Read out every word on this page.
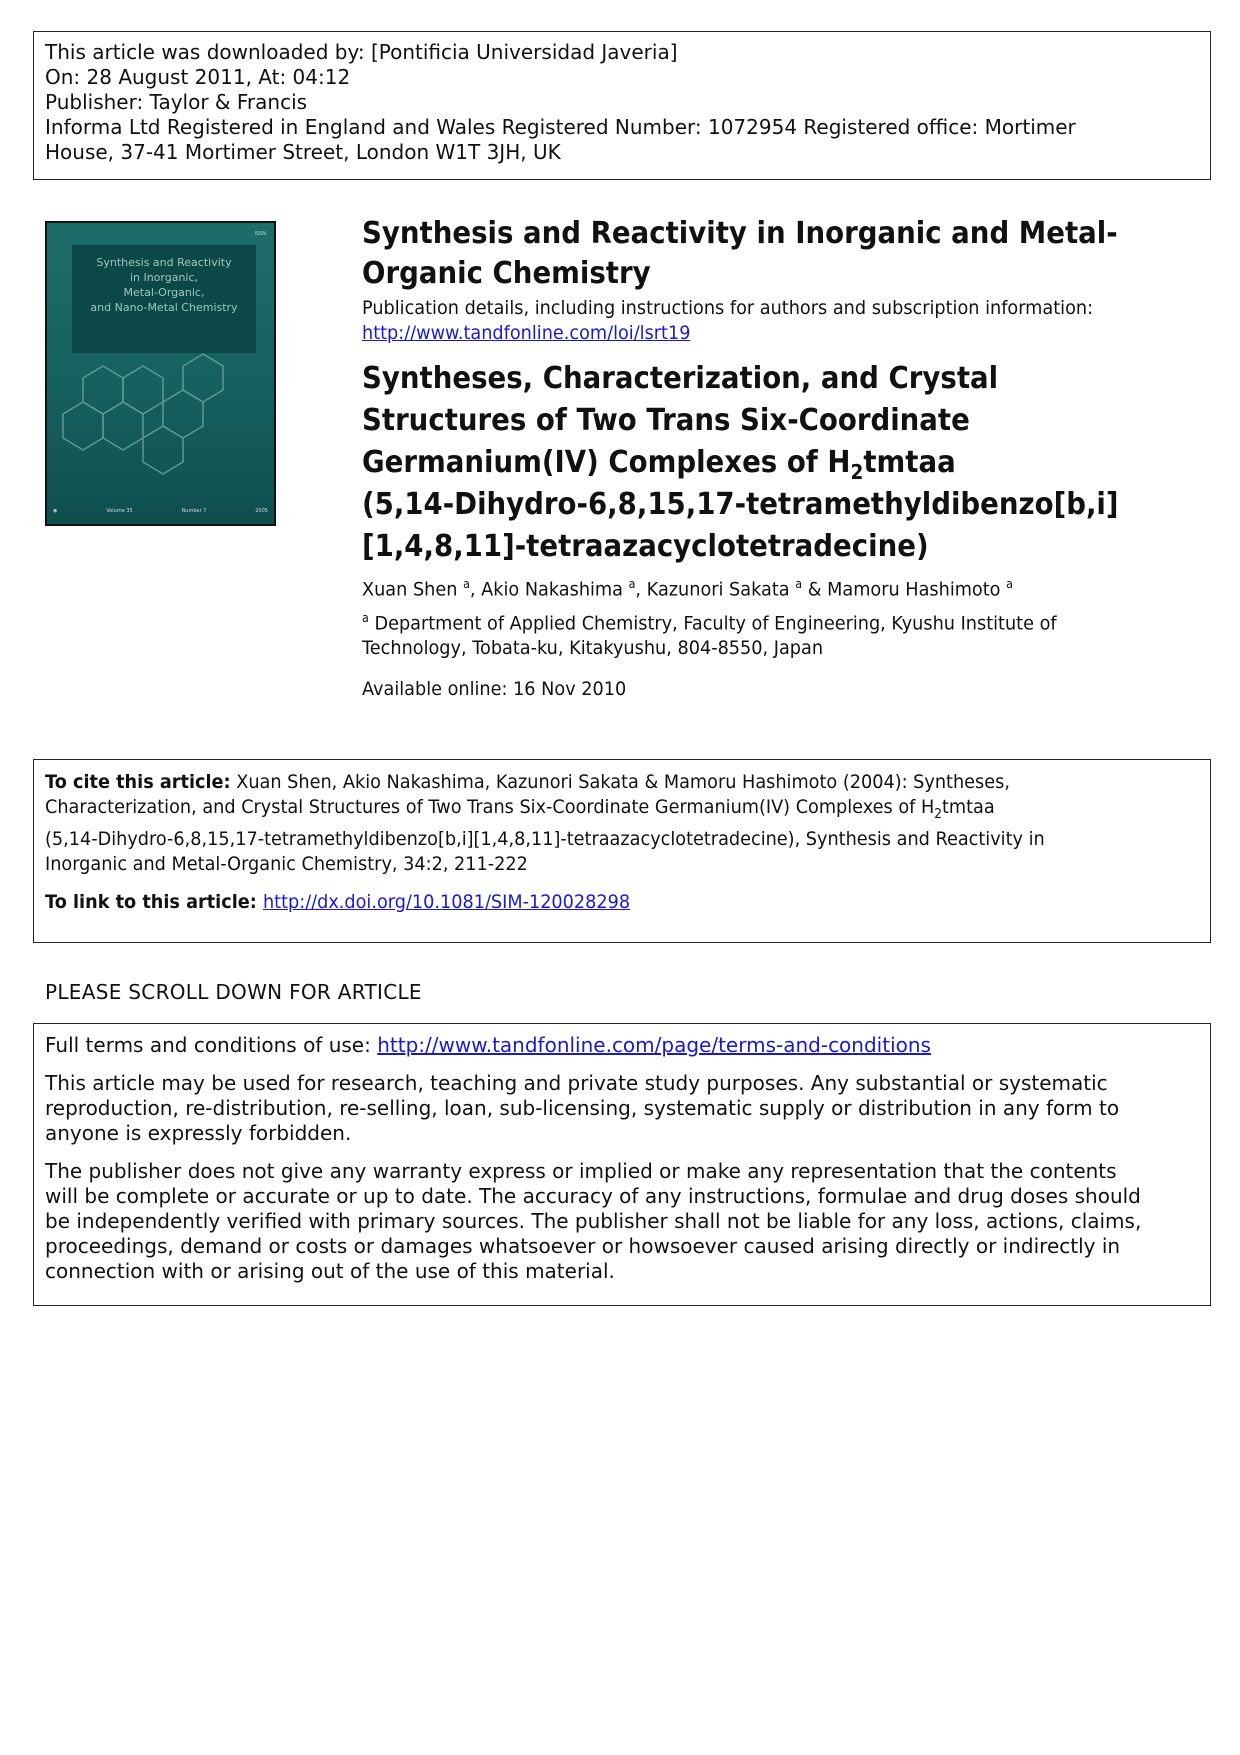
This article was downloaded by: [Pontificia Universidad Javeria]
On: 28 August 2011, At: 04:12
Publisher: Taylor & Francis
Informa Ltd Registered in England and Wales Registered Number: 1072954 Registered office: Mortimer
House, 37-41 Mortimer Street, London W1T 3JH, UK
ISSN
Synthesis and Reactivity
in Inorganic,
Metal-Organic,
and Nano-Metal Chemistry
◉	Volume 35	Number 7	2005
Synthesis and Reactivity in Inorganic and Metal-
Organic Chemistry
Publication details, including instructions for authors and subscription information:
http://www.tandfonline.com/loi/lsrt19
Syntheses, Characterization, and Crystal
Structures of Two Trans Six-Coordinate
Germanium(IV) Complexes of $H_2tmtaa$
(5,14-Dihydro-6,8,15,17-tetramethyldibenzo[b,i]
[1,4,8,11]-tetraazacyclotetradecine)
Xuan Shen $^a$, Akio Nakashima $^a$, Kazunori Sakata $^a$ & Mamoru Hashimoto $^a$
$^a$ Department of Applied Chemistry, Faculty of Engineering, Kyushu Institute of
Technology, Tobata-ku, Kitakyushu, 804-8550, Japan
Available online: 16 Nov 2010
To cite this article: Xuan Shen, Akio Nakashima, Kazunori Sakata & Mamoru Hashimoto (2004): Syntheses,
Characterization, and Crystal Structures of Two Trans Six-Coordinate Germanium(IV) Complexes of $H_2tmtaa$
(5,14-Dihydro-6,8,15,17-tetramethyldibenzo[b,i][1,4,8,11]-tetraazacyclotetradecine), Synthesis and Reactivity in
Inorganic and Metal-Organic Chemistry, 34:2, 211-222
To link to this article: http://dx.doi.org/10.1081/SIM-120028298
PLEASE SCROLL DOWN FOR ARTICLE

Full terms and conditions of use: http://www.tandfonline.com/page/terms-and-conditions

This article may be used for research, teaching and private study purposes. Any substantial or systematic
reproduction, re-distribution, re-selling, loan, sub-licensing, systematic supply or distribution in any form to
anyone is expressly forbidden.

The publisher does not give any warranty express or implied or make any representation that the contents
will be complete or accurate or up to date. The accuracy of any instructions, formulae and drug doses should
be independently verified with primary sources. The publisher shall not be liable for any loss, actions, claims,
proceedings, demand or costs or damages whatsoever or howsoever caused arising directly or indirectly in
connection with or arising out of the use of this material.
